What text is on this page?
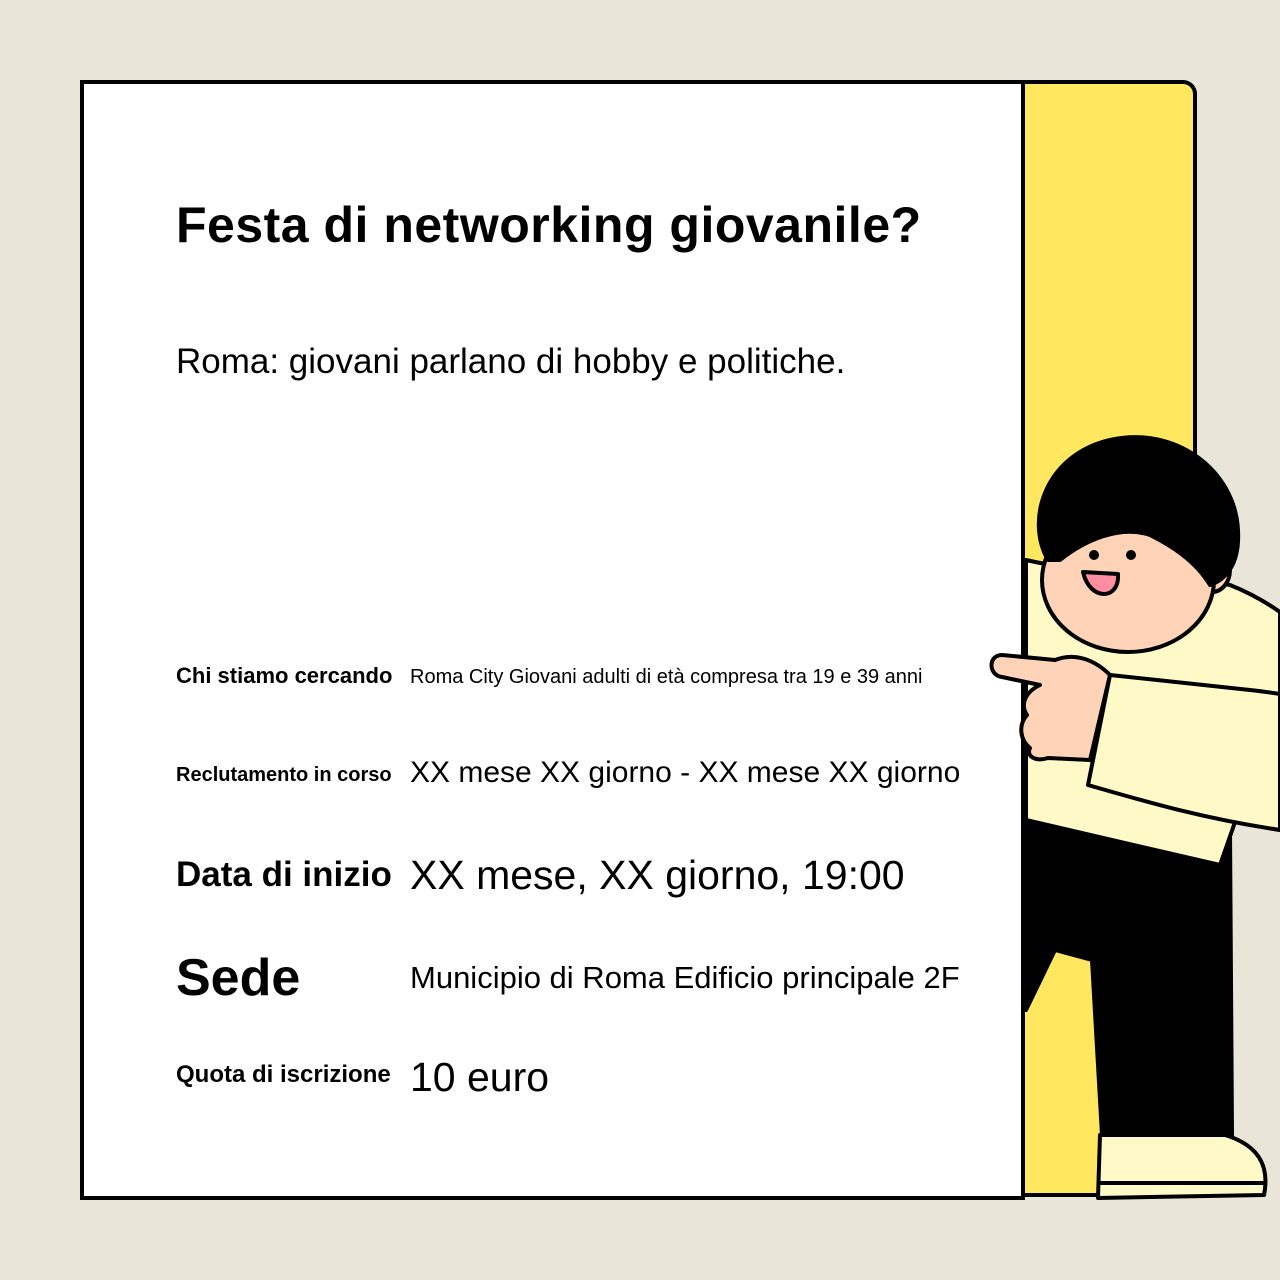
Festa di networking giovanile?

Roma: giovani parlano di hobby e politiche.

Chi stiamo cercando Roma City Giovani adulti di età compresa tra 19 e 39 anni
Reclutamento in corso XX mese XX giorno - XX mese XX giorno
Data di inizio XX mese, XX giorno, 19:00
Sede	Municipio di Roma Edificio principale 2F
Quota di iscrizione 10 euro
